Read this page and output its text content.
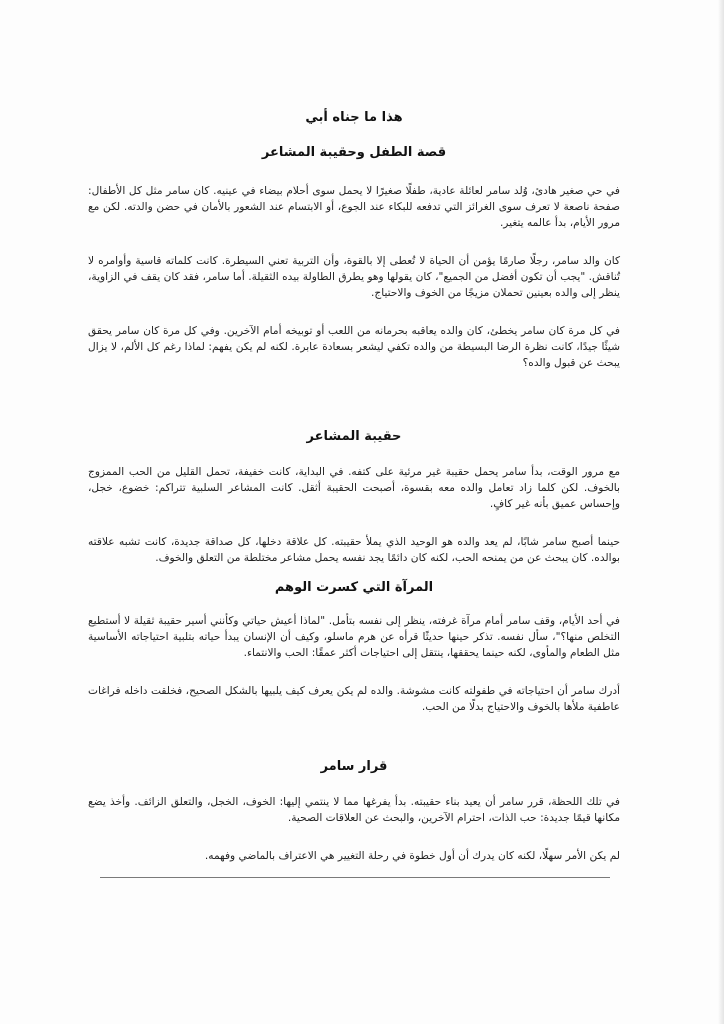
هذا ما جناه أبي
قصة الطفل وحقيبة المشاعر

في حي صغير هادئ، وُلد سامر لعائلة عادية، طفلًا صغيرًا لا يحمل سوى أحلام بيضاء في عينيه. كان سامر مثل كل الأطفال: صفحة ناصعة لا تعرف سوى الغرائز التي تدفعه للبكاء عند الجوع، أو الابتسام عند الشعور بالأمان في حضن والدته. لكن مع مرور الأيام، بدأ عالمه يتغير.

كان والد سامر، رجلًا صارمًا يؤمن أن الحياة لا تُعطى إلا بالقوة، وأن التربية تعني السيطرة. كانت كلماته قاسية وأوامره لا تُناقش. "يجب أن تكون أفضل من الجميع"، كان يقولها وهو يطرق الطاولة بيده الثقيلة. أما سامر، فقد كان يقف في الزاوية، ينظر إلى والده بعينين تحملان مزيجًا من الخوف والاحتياج.

في كل مرة كان سامر يخطئ، كان والده يعاقبه بحرمانه من اللعب أو توبيخه أمام الآخرين. وفي كل مرة كان سامر يحقق شيئًا جيدًا، كانت نظرة الرضا البسيطة من والده تكفي ليشعر بسعادة عابرة. لكنه لم يكن يفهم: لماذا رغم كل الألم، لا يزال يبحث عن قبول والده؟

حقيبة المشاعر

مع مرور الوقت، بدأ سامر يحمل حقيبة غير مرئية على كتفه. في البداية، كانت خفيفة، تحمل القليل من الحب الممزوج بالخوف. لكن كلما زاد تعامل والده معه بقسوة، أصبحت الحقيبة أثقل. كانت المشاعر السلبية تتراكم: خضوع، خجل، وإحساس عميق بأنه غير كافٍ.

حينما أصبح سامر شابًا، لم يعد والده هو الوحيد الذي يملأ حقيبته. كل علاقة دخلها، كل صداقة جديدة، كانت تشبه علاقته بوالده. كان يبحث عن من يمنحه الحب، لكنه كان دائمًا يجد نفسه يحمل مشاعر مختلطة من التعلق والخوف.

المرآة التي كسرت الوهم

في أحد الأيام، وقف سامر أمام مرآة غرفته، ينظر إلى نفسه بتأمل. "لماذا أعيش حياتي وكأنني أسير حقيبة ثقيلة لا أستطيع التخلص منها؟"، سأل نفسه. تذكر حينها حديثًا قرأه عن هرم ماسلو، وكيف أن الإنسان يبدأ حياته بتلبية احتياجاته الأساسية مثل الطعام والمأوى، لكنه حينما يحققها، ينتقل إلى احتياجات أكثر عمقًا: الحب والانتماء.

أدرك سامر أن احتياجاته في طفولته كانت مشوشة. والده لم يكن يعرف كيف يلبيها بالشكل الصحيح، فخلقت داخله فراغات عاطفية ملأها بالخوف والاحتياج بدلًا من الحب.

قرار سامر

في تلك اللحظة، قرر سامر أن يعيد بناء حقيبته. بدأ يفرغها مما لا ينتمي إليها: الخوف، الخجل، والتعلق الزائف. وأخذ يضع مكانها قيمًا جديدة: حب الذات، احترام الآخرين، والبحث عن العلاقات الصحية.

لم يكن الأمر سهلًا، لكنه كان يدرك أن أول خطوة في رحلة التغيير هي الاعتراف بالماضي وفهمه.
